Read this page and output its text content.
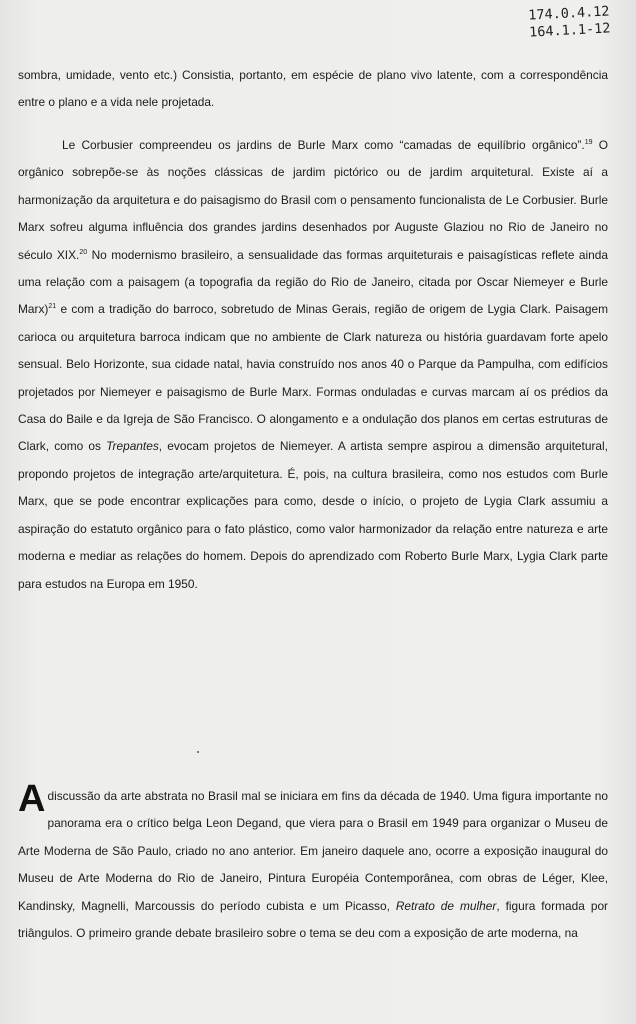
174.0.4.12
164.1.1-12

sombra, umidade, vento etc.) Consistia, portanto, em espécie de plano vivo latente, com a correspondência entre o plano e a vida nele projetada.

Le Corbusier compreendeu os jardins de Burle Marx como “camadas de equilíbrio orgânico”.$^{19}$ O orgânico sobrepõe-se às noções clássicas de jardim pictórico ou de jardim arquitetural. Existe aí a harmonização da arquitetura e do paisagismo do Brasil com o pensamento funcionalista de Le Corbusier. Burle Marx sofreu alguma influência dos grandes jardins desenhados por Auguste Glaziou no Rio de Janeiro no século XIX.$^{20}$ No modernismo brasileiro, a sensualidade das formas arquiteturais e paisagísticas reflete ainda uma relação com a paisagem (a topografia da região do Rio de Janeiro, citada por Oscar Niemeyer e Burle Marx)$^{21}$ e com a tradição do barroco, sobretudo de Minas Gerais, região de origem de Lygia Clark. Paisagem carioca ou arquitetura barroca indicam que no ambiente de Clark natureza ou história guardavam forte apelo sensual. Belo Horizonte, sua cidade natal, havia construído nos anos 40 o Parque da Pampulha, com edifícios projetados por Niemeyer e paisagismo de Burle Marx. Formas onduladas e curvas marcam aí os prédios da Casa do Baile e da Igreja de São Francisco. O alongamento e a ondulação dos planos em certas estruturas de Clark, como os Trepantes, evocam projetos de Niemeyer. A artista sempre aspirou a dimensão arquitetural, propondo projetos de integração arte/arquitetura. É, pois, na cultura brasileira, como nos estudos com Burle Marx, que se pode encontrar explicações para como, desde o início, o projeto de Lygia Clark assumiu a aspiração do estatuto orgânico para o fato plástico, como valor harmonizador da relação entre natureza e arte moderna e mediar as relações do homem. Depois do aprendizado com Roberto Burle Marx, Lygia Clark parte para estudos na Europa em 1950.

A discussão da arte abstrata no Brasil mal se iniciara em fins da década de 1940. Uma figura importante no panorama era o crítico belga Leon Degand, que viera para o Brasil em 1949 para organizar o Museu de Arte Moderna de São Paulo, criado no ano anterior. Em janeiro daquele ano, ocorre a exposição inaugural do Museu de Arte Moderna do Rio de Janeiro, Pintura Européia Contemporânea, com obras de Léger, Klee, Kandinsky, Magnelli, Marcoussis do período cubista e um Picasso, Retrato de mulher, figura formada por triângulos. O primeiro grande debate brasileiro sobre o tema se deu com a exposição de arte moderna, na
